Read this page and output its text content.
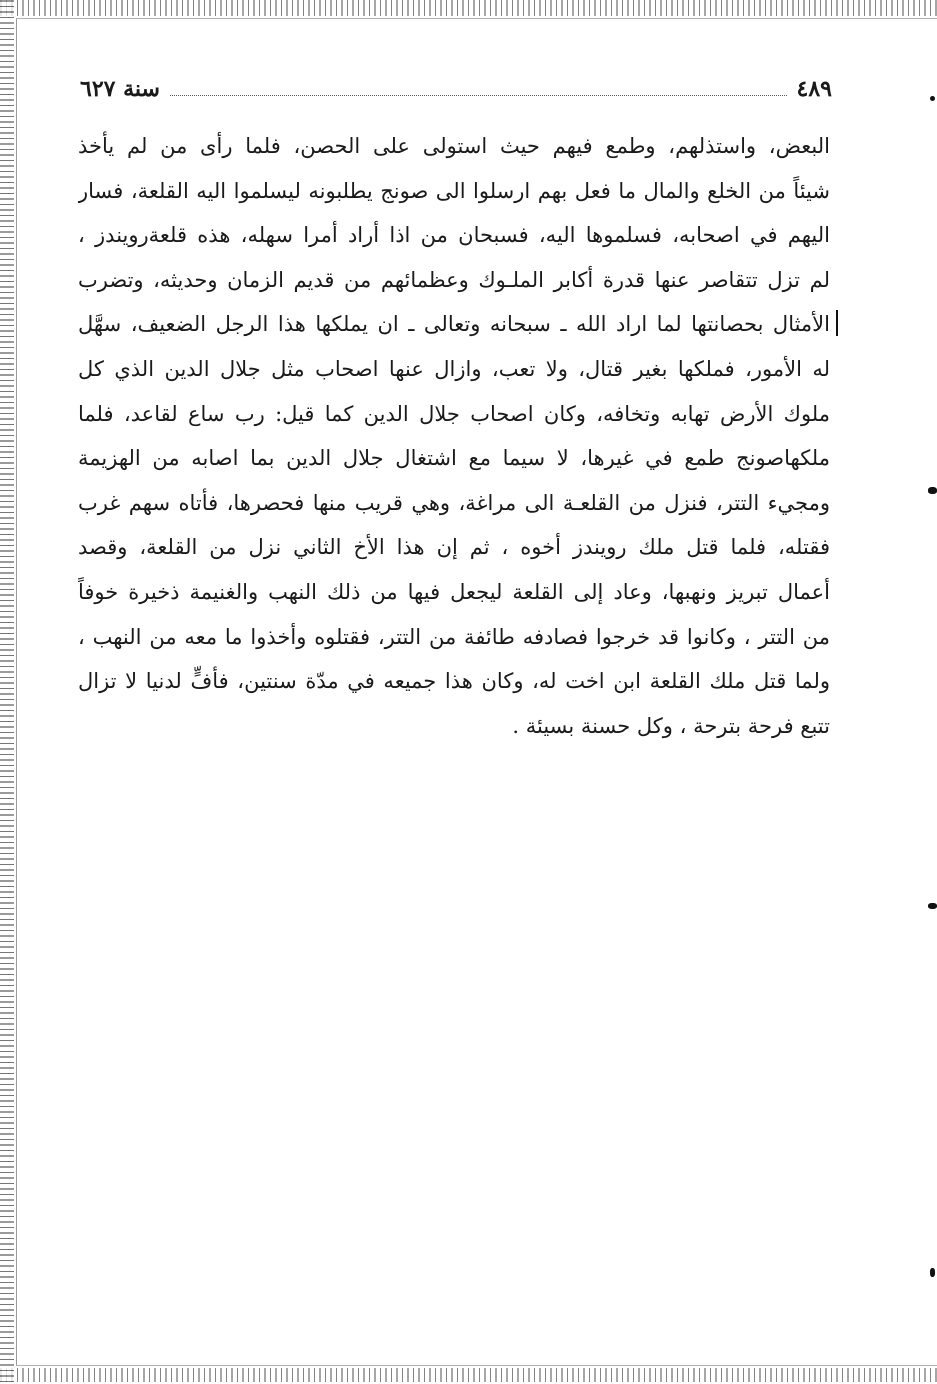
سنة ٦٢٧	٤٨٩
البعض، واستذلهم، وطمع فيهم حيث استولى على الحصن، فلما رأى من لم يأخذ
شيئاً من الخلع والمال ما فعل بهم ارسلوا الى صونج يطلبونه ليسلموا اليه القلعة، فسار
اليهم في اصحابه، فسلموها اليه، فسبحان من اذا أراد أمرا سهله، هذه قلعةرويندز ،
لم تزل تتقاصر عنها قدرة أكابر الملـوك وعظمائهم من قديم الزمان وحديثه، وتضرب
الأمثال بحصانتها لما اراد الله ـ سبحانه وتعالى ـ ان يملكها هذا الرجل الضعيف، سهَّل
له الأمور، فملكها بغير قتال، ولا تعب، وازال عنها اصحاب مثل جلال الدين الذي كل
ملوك الأرض تهابه وتخافه، وكان اصحاب جلال الدين كما قيل: رب ساع لقاعد، فلما
ملكهاصونج طمع في غيرها، لا سيما مع اشتغال جلال الدين بما اصابه من الهزيمة
ومجيء التتر، فنزل من القلعـة الى مراغة، وهي قريب منها فحصرها، فأتاه سهم غرب
فقتله، فلما قتل ملك رويندز أخوه ، ثم إن هذا الأخ الثاني نزل من القلعة، وقصد
أعمال تبريز ونهبها، وعاد إلى القلعة ليجعل فيها من ذلك النهب والغنيمة ذخيرة خوفاً
من التتر ، وكانوا قد خرجوا فصادفه طائفة من التتر، فقتلوه وأخذوا ما معه من النهب ،
ولما قتل ملك القلعة ابن اخت له، وكان هذا جميعه في مدّة سنتين، فأفٍّ لدنيا لا تزال
تتبع فرحة بترحة ، وكل حسنة بسيئة .
